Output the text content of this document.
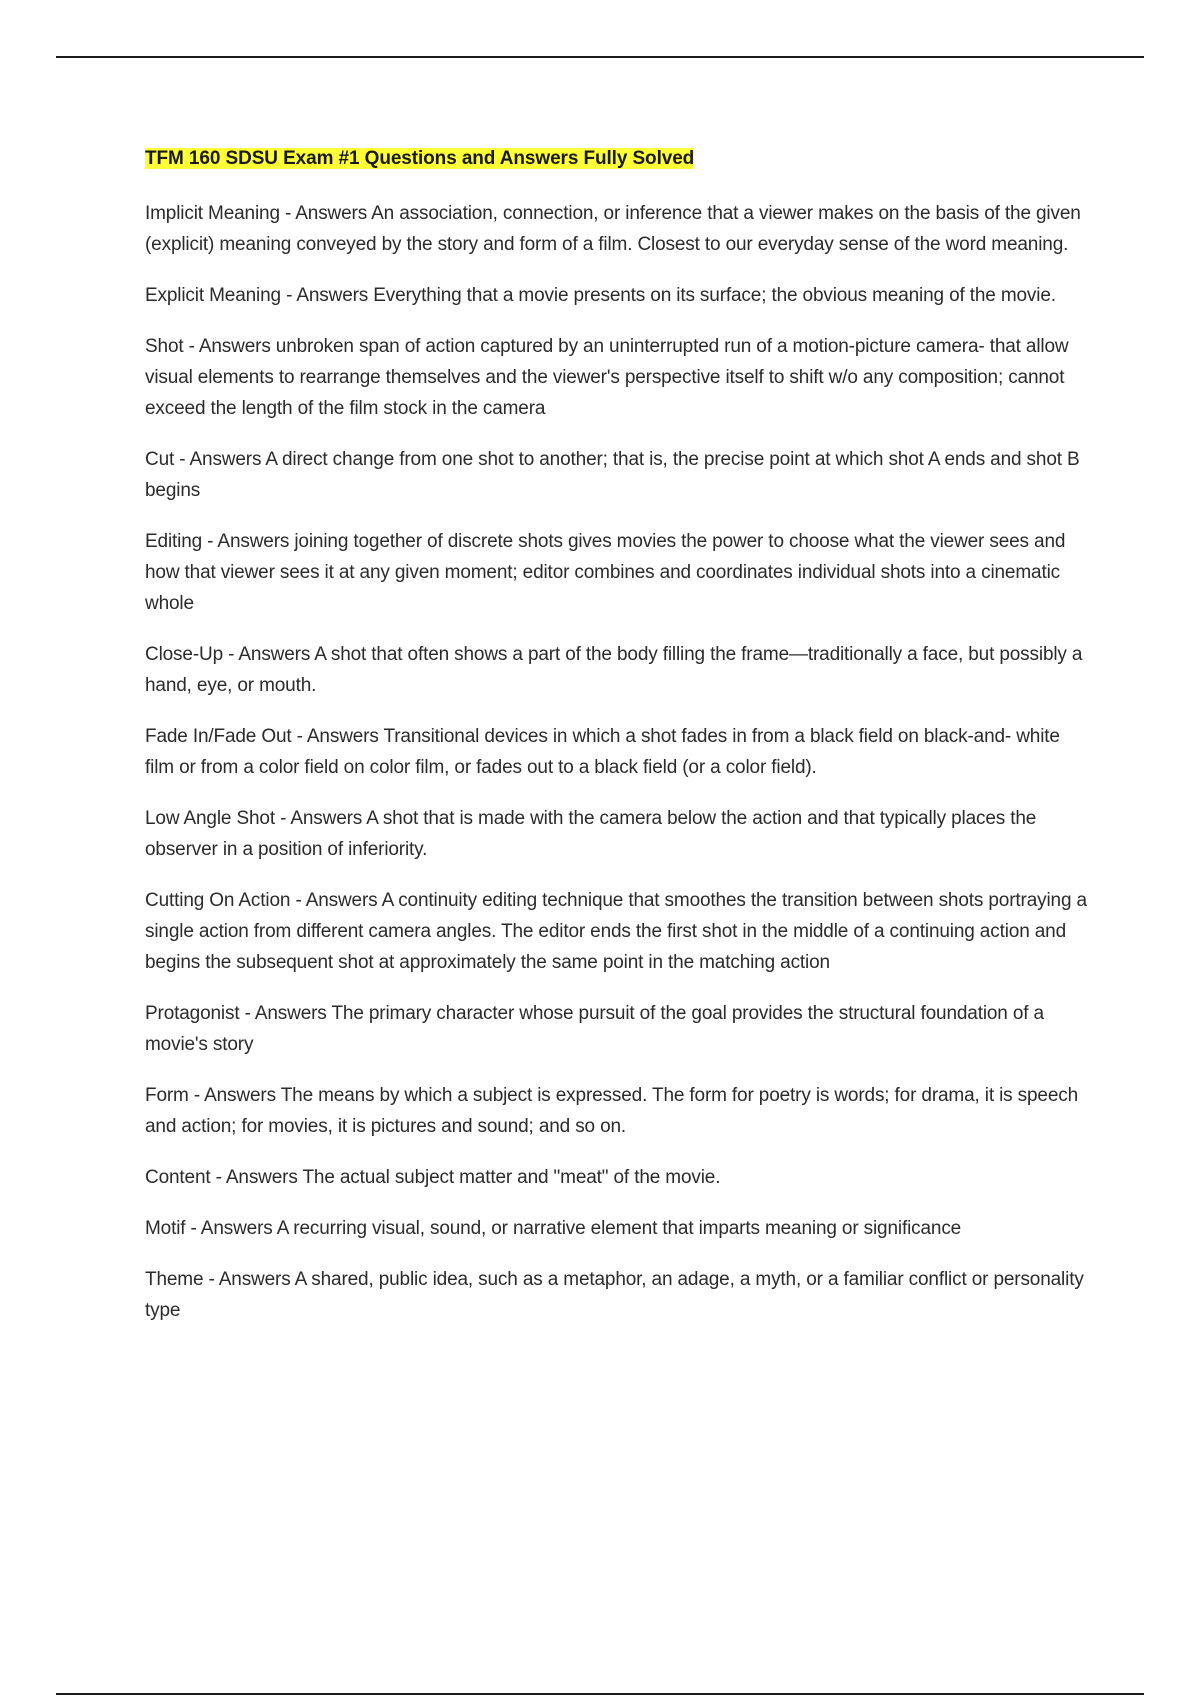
TFM 160 SDSU Exam #1 Questions and Answers Fully Solved
Implicit Meaning - Answers An association, connection, or inference that a viewer makes on the basis of the given (explicit) meaning conveyed by the story and form of a film. Closest to our everyday sense of the word meaning.
Explicit Meaning - Answers Everything that a movie presents on its surface; the obvious meaning of the movie.
Shot - Answers unbroken span of action captured by an uninterrupted run of a motion-picture camera- that allow visual elements to rearrange themselves and the viewer's perspective itself to shift w/o any composition; cannot exceed the length of the film stock in the camera
Cut - Answers A direct change from one shot to another; that is, the precise point at which shot A ends and shot B begins
Editing - Answers joining together of discrete shots gives movies the power to choose what the viewer sees and how that viewer sees it at any given moment; editor combines and coordinates individual shots into a cinematic whole
Close-Up - Answers A shot that often shows a part of the body filling the frame—traditionally a face, but possibly a hand, eye, or mouth.
Fade In/Fade Out - Answers Transitional devices in which a shot fades in from a black field on black-and- white film or from a color field on color film, or fades out to a black field (or a color field).
Low Angle Shot - Answers A shot that is made with the camera below the action and that typically places the observer in a position of inferiority.
Cutting On Action - Answers A continuity editing technique that smoothes the transition between shots portraying a single action from different camera angles. The editor ends the first shot in the middle of a continuing action and begins the subsequent shot at approximately the same point in the matching action
Protagonist - Answers The primary character whose pursuit of the goal provides the structural foundation of a movie's story
Form - Answers The means by which a subject is expressed. The form for poetry is words; for drama, it is speech and action; for movies, it is pictures and sound; and so on.
Content - Answers The actual subject matter and "meat" of the movie.
Motif - Answers A recurring visual, sound, or narrative element that imparts meaning or significance
Theme - Answers A shared, public idea, such as a metaphor, an adage, a myth, or a familiar conflict or personality type
